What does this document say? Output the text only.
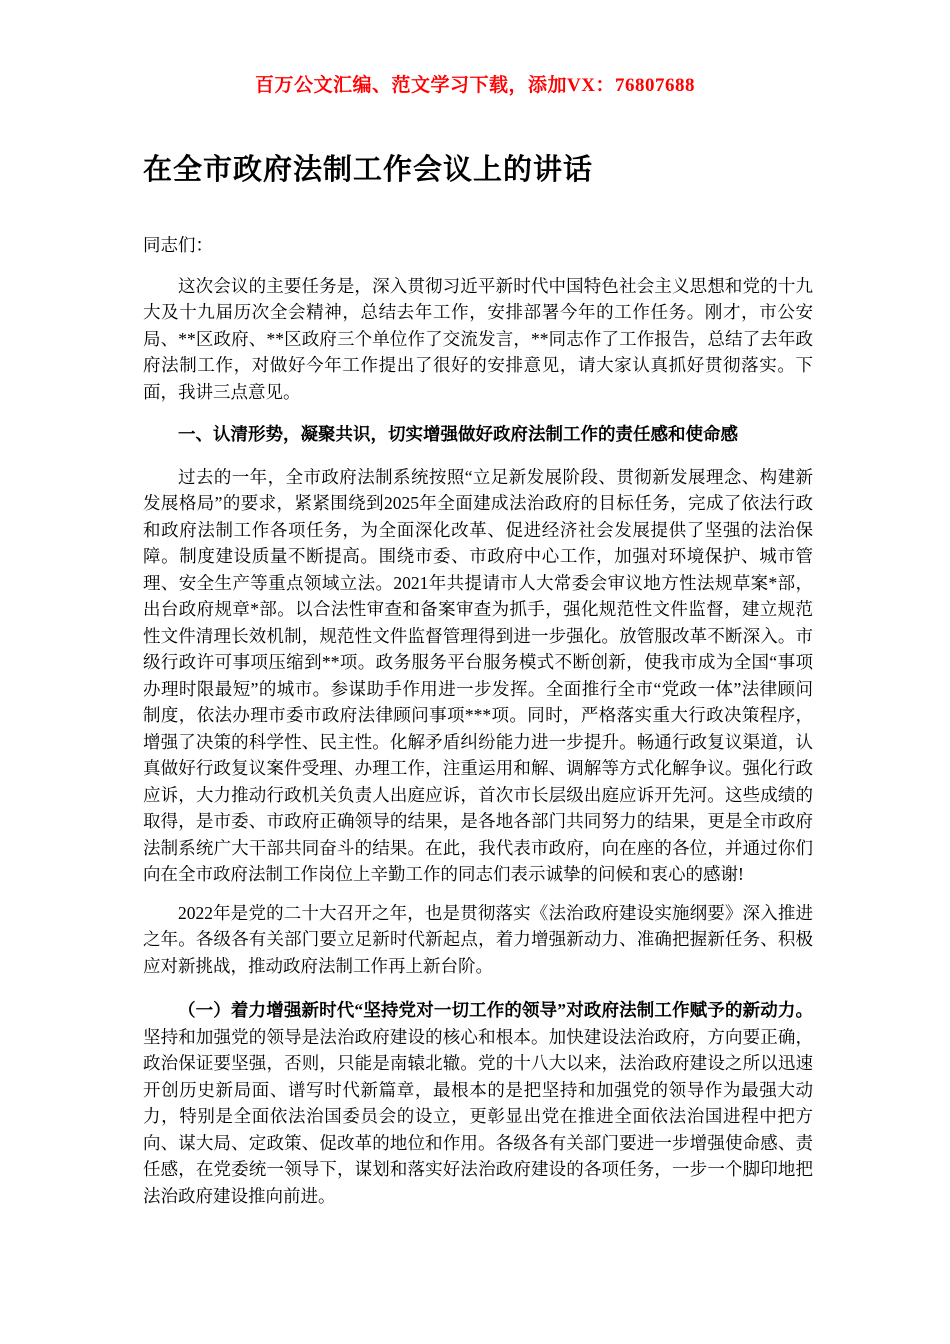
百万公文汇编、范文学习下载，添加VX：76807688
在全市政府法制工作会议上的讲话

同志们：

这次会议的主要任务是，深入贯彻习近平新时代中国特色社会主义思想和党的十九大及十九届历次全会精神，总结去年工作，安排部署今年的工作任务。刚才，市公安局、**区政府、**区政府三个单位作了交流发言，**同志作了工作报告，总结了去年政府法制工作，对做好今年工作提出了很好的安排意见，请大家认真抓好贯彻落实。下面，我讲三点意见。

一、认清形势，凝聚共识，切实增强做好政府法制工作的责任感和使命感

过去的一年，全市政府法制系统按照“立足新发展阶段、贯彻新发展理念、构建新发展格局”的要求，紧紧围绕到2025年全面建成法治政府的目标任务，完成了依法行政和政府法制工作各项任务，为全面深化改革、促进经济社会发展提供了坚强的法治保障。制度建设质量不断提高。围绕市委、市政府中心工作，加强对环境保护、城市管理、安全生产等重点领域立法。2021年共提请市人大常委会审议地方性法规草案*部，出台政府规章*部。以合法性审查和备案审查为抓手，强化规范性文件监督，建立规范性文件清理长效机制，规范性文件监督管理得到进一步强化。放管服改革不断深入。市级行政许可事项压缩到**项。政务服务平台服务模式不断创新，使我市成为全国“事项办理时限最短”的城市。参谋助手作用进一步发挥。全面推行全市“党政一体”法律顾问制度，依法办理市委市政府法律顾问事项***项。同时，严格落实重大行政决策程序，增强了决策的科学性、民主性。化解矛盾纠纷能力进一步提升。畅通行政复议渠道，认真做好行政复议案件受理、办理工作，注重运用和解、调解等方式化解争议。强化行政应诉，大力推动行政机关负责人出庭应诉，首次市长层级出庭应诉开先河。这些成绩的取得，是市委、市政府正确领导的结果，是各地各部门共同努力的结果，更是全市政府法制系统广大干部共同奋斗的结果。在此，我代表市政府，向在座的各位，并通过你们向在全市政府法制工作岗位上辛勤工作的同志们表示诚挚的问候和衷心的感谢!

2022年是党的二十大召开之年，也是贯彻落实《法治政府建设实施纲要》深入推进之年。各级各有关部门要立足新时代新起点，着力增强新动力、准确把握新任务、积极应对新挑战，推动政府法制工作再上新台阶。

（一）着力增强新时代“坚持党对一切工作的领导”对政府法制工作赋予的新动力。坚持和加强党的领导是法治政府建设的核心和根本。加快建设法治政府，方向要正确，政治保证要坚强，否则，只能是南辕北辙。党的十八大以来，法治政府建设之所以迅速开创历史新局面、谱写时代新篇章，最根本的是把坚持和加强党的领导作为最强大动力，特别是全面依法治国委员会的设立，更彰显出党在推进全面依法治国进程中把方向、谋大局、定政策、促改革的地位和作用。各级各有关部门要进一步增强使命感、责任感，在党委统一领导下，谋划和落实好法治政府建设的各项任务，一步一个脚印地把法治政府建设推向前进。
